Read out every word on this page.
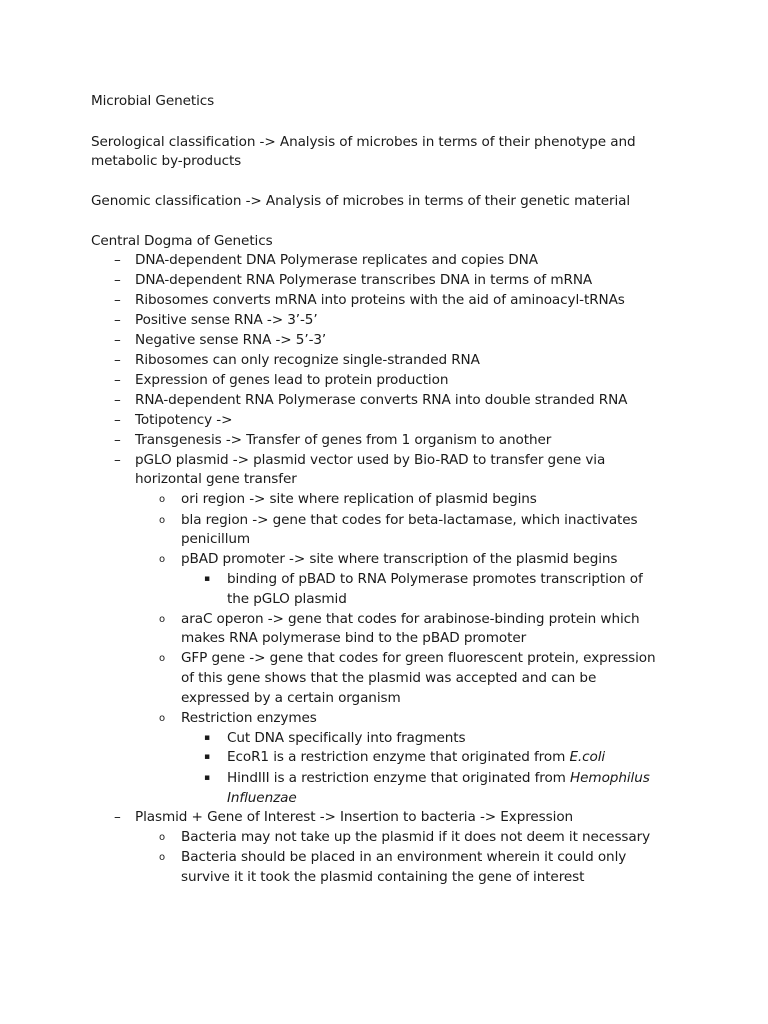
Microbial Genetics
Serological classification -> Analysis of microbes in terms of their phenotype and
metabolic by-products
Genomic classification -> Analysis of microbes in terms of their genetic material
Central Dogma of Genetics
– DNA-dependent DNA Polymerase replicates and copies DNA
– DNA-dependent RNA Polymerase transcribes DNA in terms of mRNA
– Ribosomes converts mRNA into proteins with the aid of aminoacyl-tRNAs
– Positive sense RNA -> 3’-5’
– Negative sense RNA -> 5’-3’
– Ribosomes can only recognize single-stranded RNA
– Expression of genes lead to protein production
– RNA-dependent RNA Polymerase converts RNA into double stranded RNA
– Totipotency ->
– Transgenesis -> Transfer of genes from 1 organism to another
– pGLO plasmid -> plasmid vector used by Bio-RAD to transfer gene via
horizontal gene transfer
o ori region -> site where replication of plasmid begins
o bla region -> gene that codes for beta-lactamase, which inactivates
penicillum
o pBAD promoter -> site where transcription of the plasmid begins
▪ binding of pBAD to RNA Polymerase promotes transcription of
the pGLO plasmid
o araC operon -> gene that codes for arabinose-binding protein which
makes RNA polymerase bind to the pBAD promoter
o GFP gene -> gene that codes for green fluorescent protein, expression
of this gene shows that the plasmid was accepted and can be
expressed by a certain organism
o Restriction enzymes
▪ Cut DNA specifically into fragments
▪ EcoR1 is a restriction enzyme that originated from E.coli
▪ HindIII is a restriction enzyme that originated from Hemophilus
Influenzae
– Plasmid + Gene of Interest -> Insertion to bacteria -> Expression
o Bacteria may not take up the plasmid if it does not deem it necessary
o Bacteria should be placed in an environment wherein it could only
survive it it took the plasmid containing the gene of interest
